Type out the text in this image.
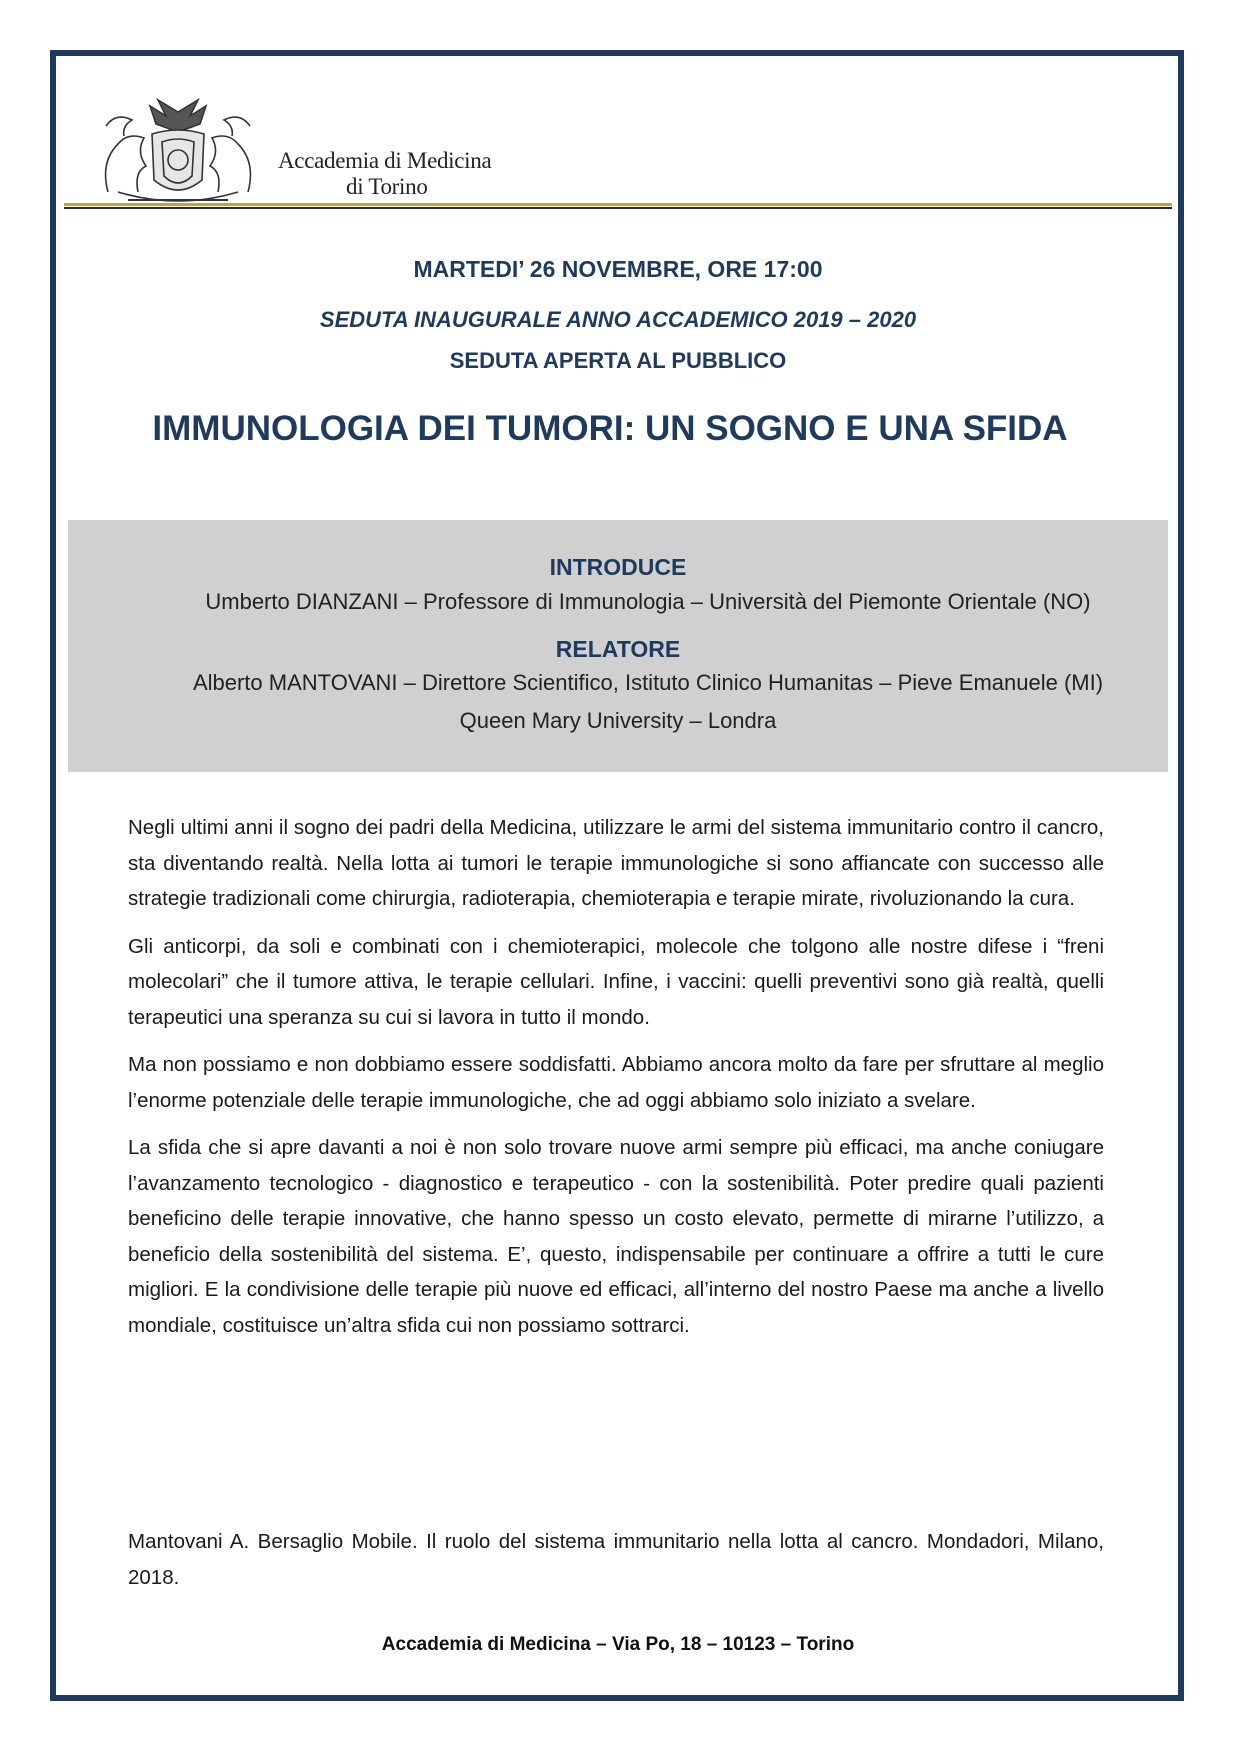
Accademia di Medicina
di Torino
MARTEDI’ 26 NOVEMBRE, ORE 17:00
SEDUTA INAUGURALE ANNO ACCADEMICO 2019 – 2020
SEDUTA APERTA AL PUBBLICO
IMMUNOLOGIA DEI TUMORI: UN SOGNO E UNA SFIDA
INTRODUCE
Umberto DIANZANI – Professore di Immunologia – Università del Piemonte Orientale (NO)
RELATORE
Alberto MANTOVANI – Direttore Scientifico, Istituto Clinico Humanitas – Pieve Emanuele (MI)
Queen Mary University – Londra

Negli ultimi anni il sogno dei padri della Medicina, utilizzare le armi del sistema immunitario contro il cancro, sta diventando realtà. Nella lotta ai tumori le terapie immunologiche si sono affiancate con successo alle strategie tradizionali come chirurgia, radioterapia, chemioterapia e terapie mirate, rivoluzionando la cura.

Gli anticorpi, da soli e combinati con i chemioterapici, molecole che tolgono alle nostre difese i “freni molecolari” che il tumore attiva, le terapie cellulari. Infine, i vaccini: quelli preventivi sono già realtà, quelli terapeutici una speranza su cui si lavora in tutto il mondo.

Ma non possiamo e non dobbiamo essere soddisfatti. Abbiamo ancora molto da fare per sfruttare al meglio l’enorme potenziale delle terapie immunologiche, che ad oggi abbiamo solo iniziato a svelare.

La sfida che si apre davanti a noi è non solo trovare nuove armi sempre più efficaci, ma anche coniugare l’avanzamento tecnologico - diagnostico e terapeutico - con la sostenibilità. Poter predire quali pazienti beneficino delle terapie innovative, che hanno spesso un costo elevato, permette di mirarne l’utilizzo, a beneficio della sostenibilità del sistema. E’, questo, indispensabile per continuare a offrire a tutti le cure migliori. E la condivisione delle terapie più nuove ed efficaci, all’interno del nostro Paese ma anche a livello mondiale, costituisce un’altra sfida cui non possiamo sottrarci.

Mantovani A. Bersaglio Mobile. Il ruolo del sistema immunitario nella lotta al cancro. Mondadori, Milano, 2018.
Accademia di Medicina – Via Po, 18 – 10123 – Torino
